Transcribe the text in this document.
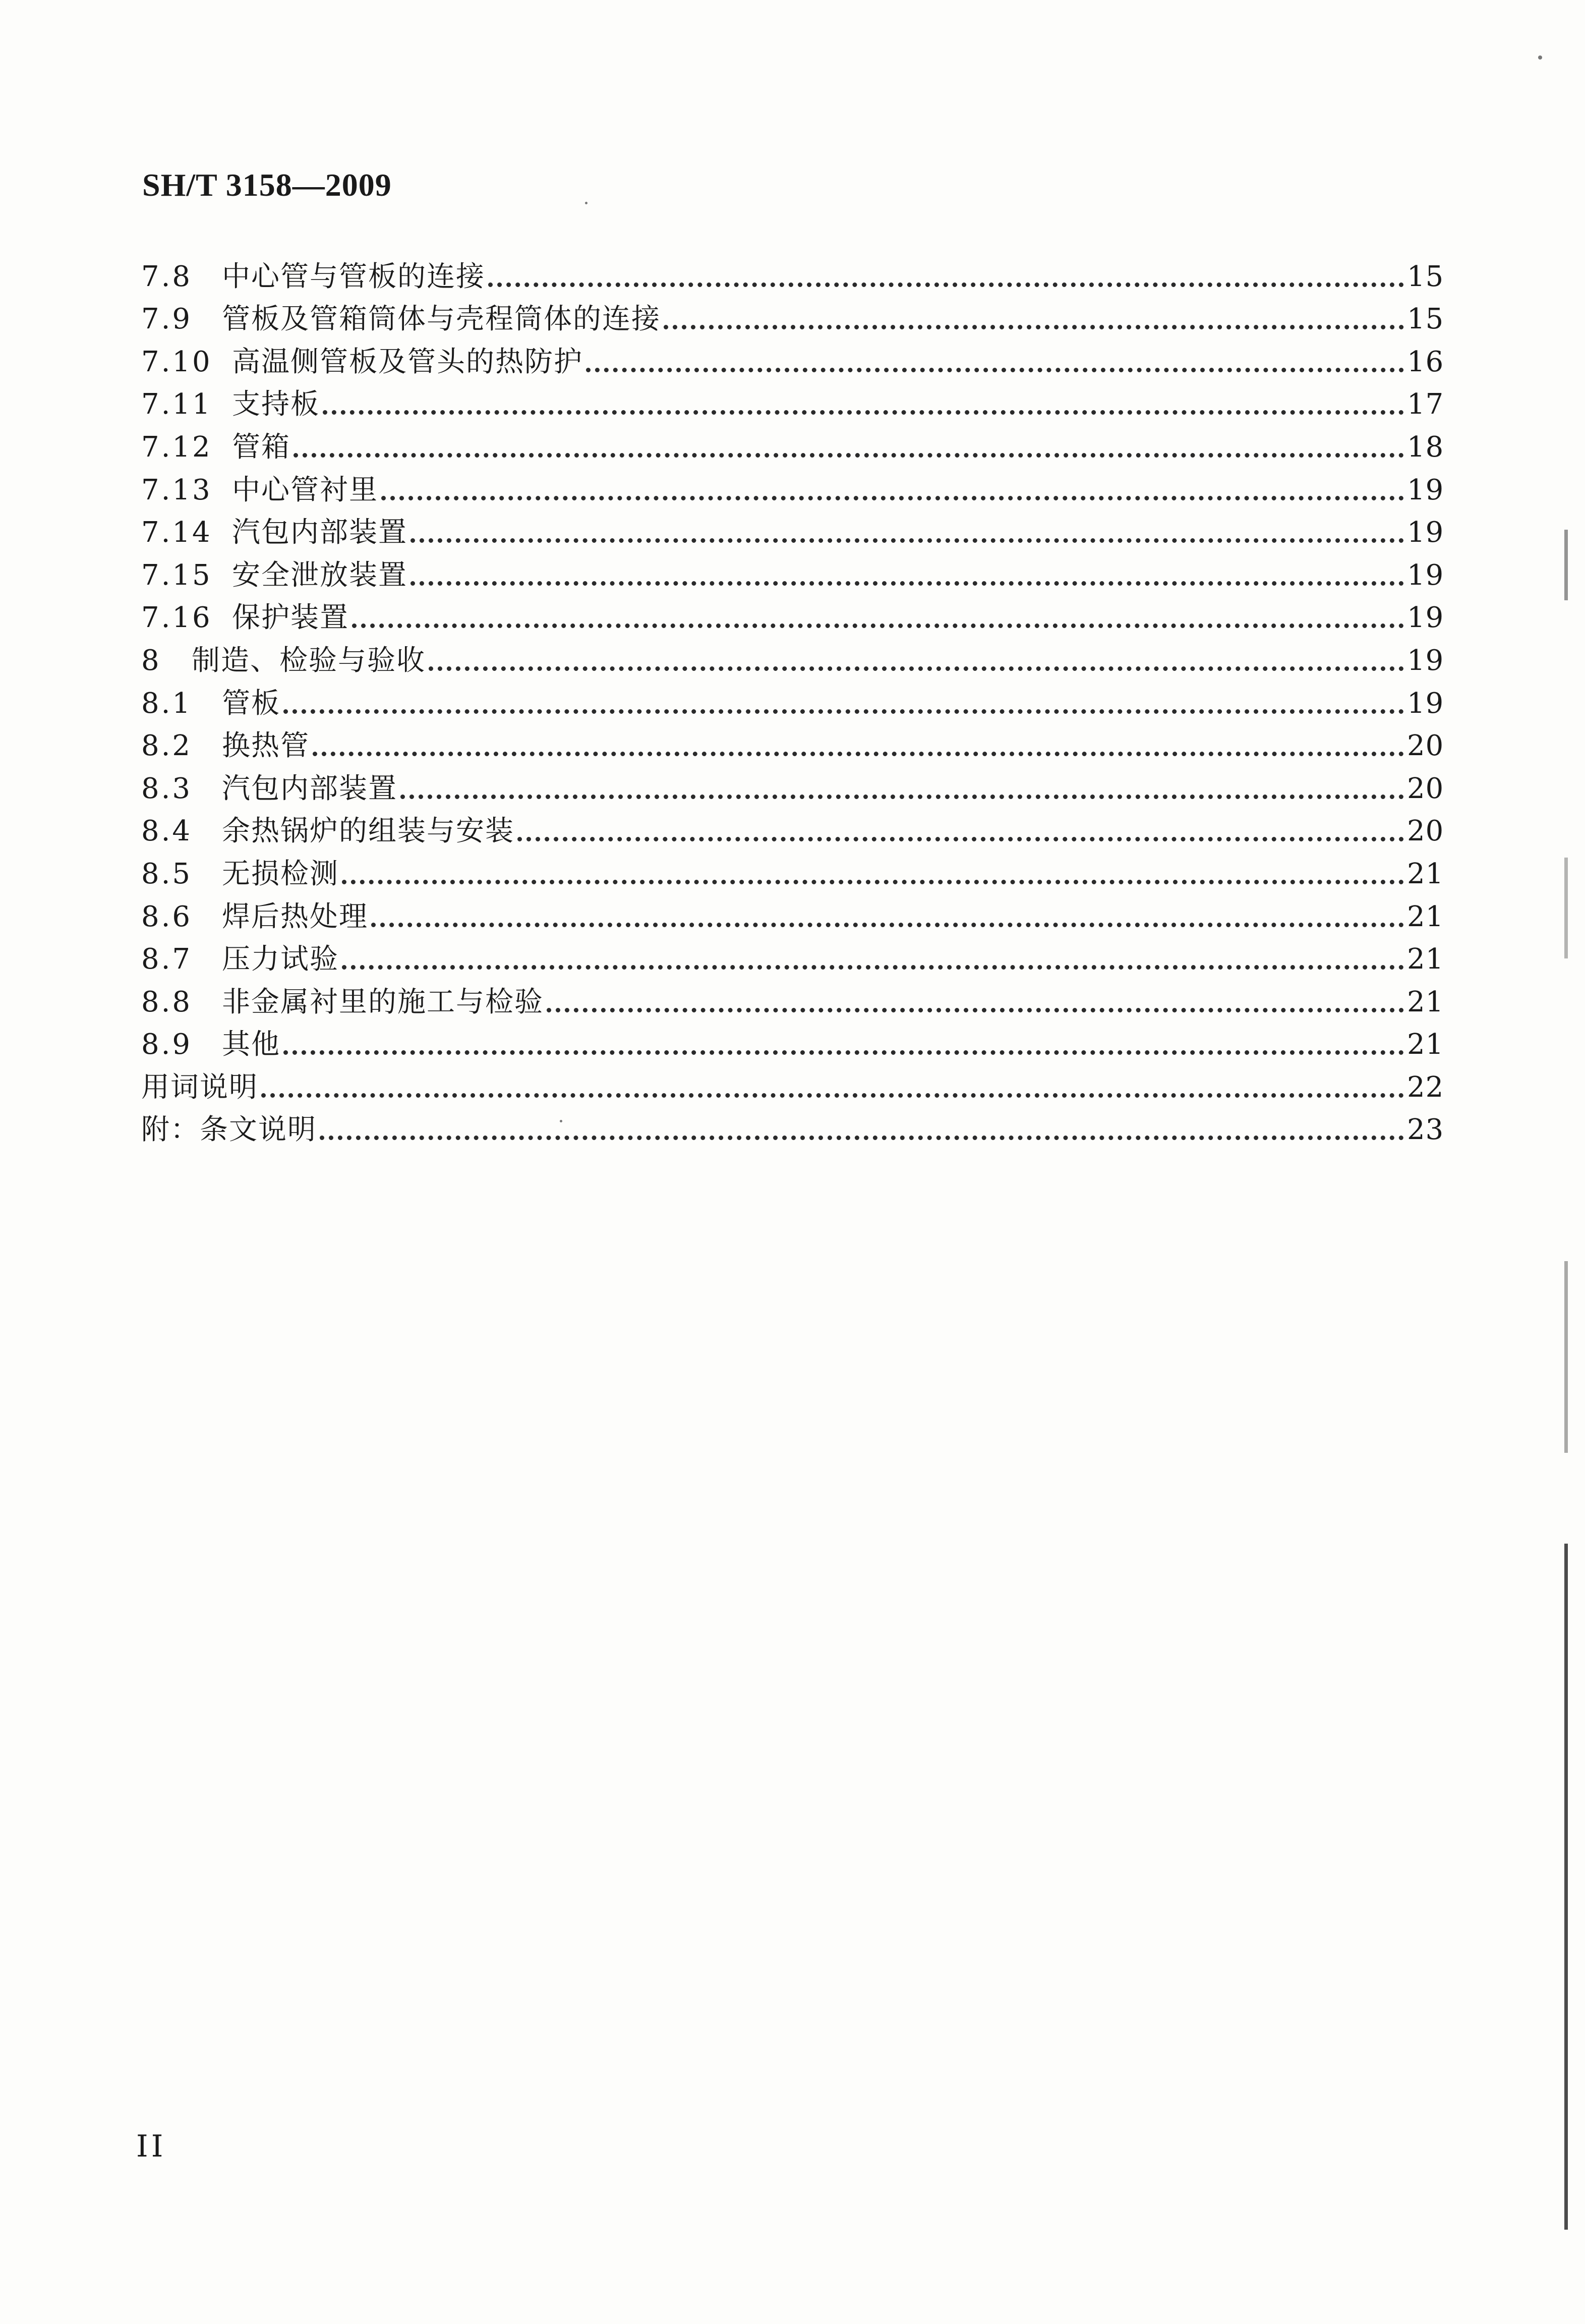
SH/T 3158—2009
7.8	中心管与管板的连接	15
7.9	管板及管箱筒体与壳程筒体的连接	15
7.10 高温侧管板及管头的热防护	16
7.11 支持板	17
7.12 管箱	18
7.13 中心管衬里	19
7.14 汽包内部装置	19
7.15 安全泄放装置	19
7.16 保护装置	19
8	制造、检验与验收	19
8.1	管板	19
8.2	换热管	20
8.3	汽包内部装置	20
8.4	余热锅炉的组装与安装	20
8.5	无损检测	21
8.6	焊后热处理	21
8.7	压力试验	21
8.8	非金属衬里的施工与检验	21
8.9	其他	21
用词说明	22
附：条文说明	23
II
